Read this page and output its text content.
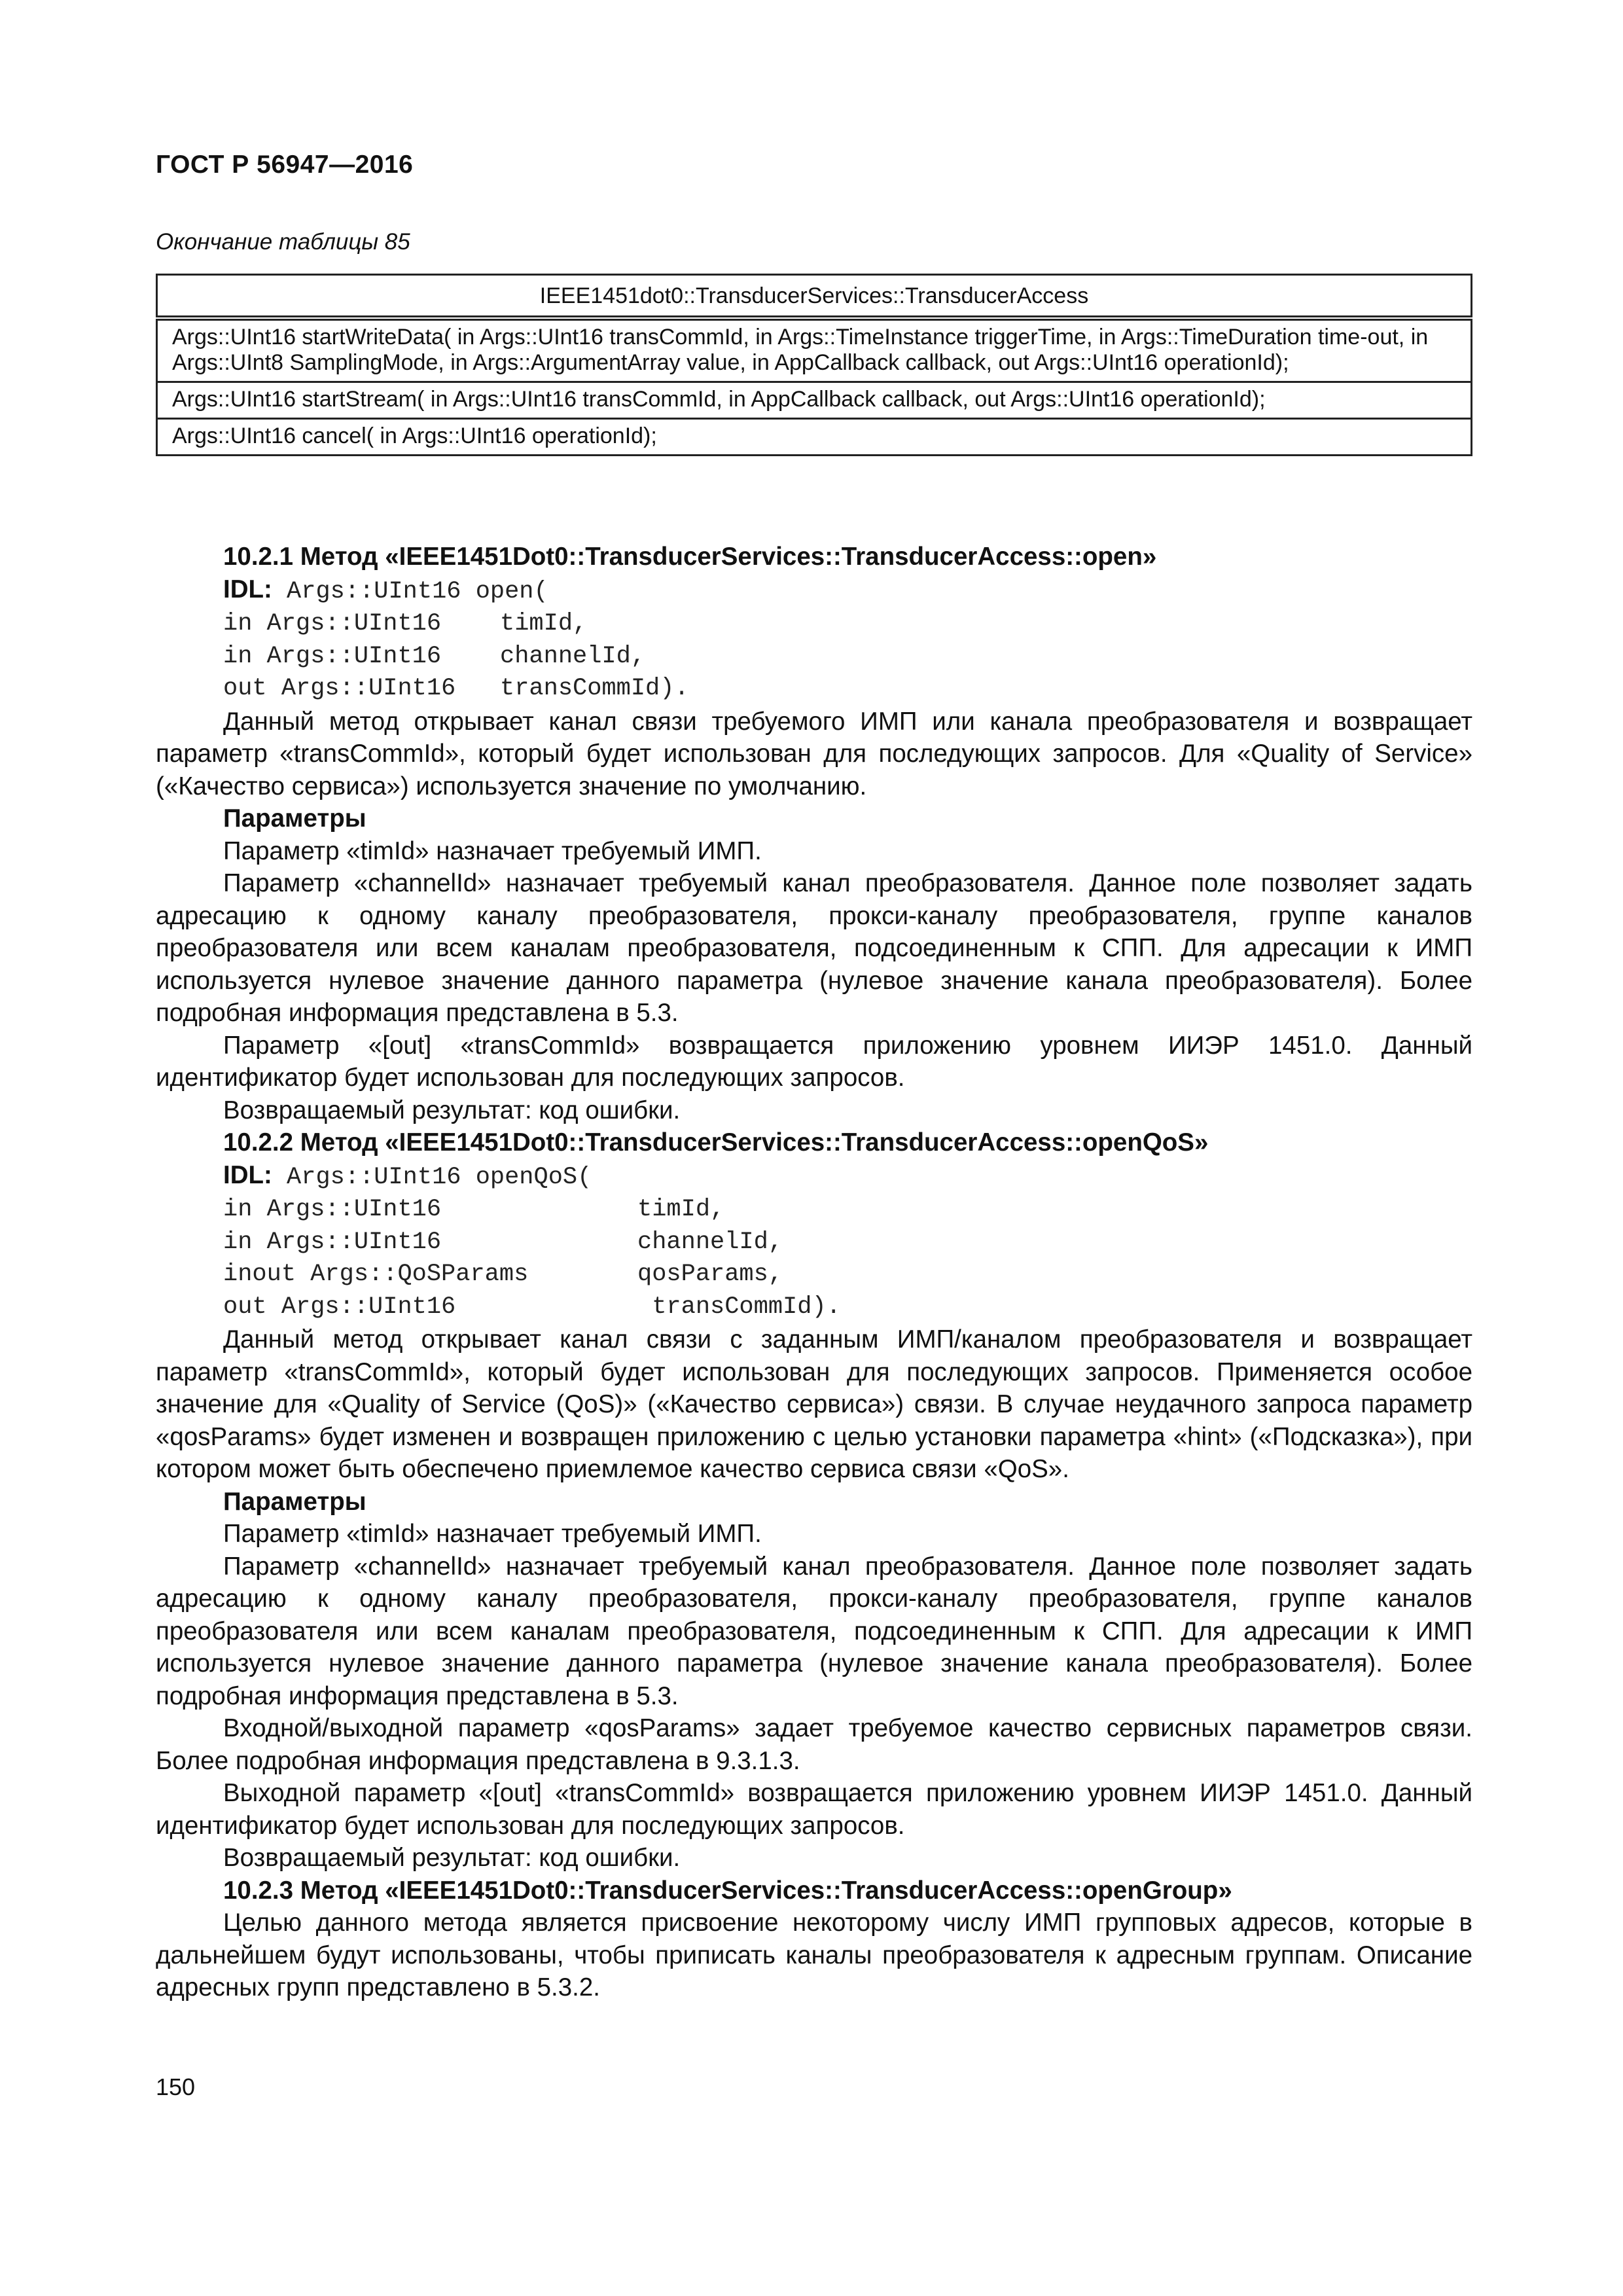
ГОСТ Р 56947—2016
Окончание таблицы 85
IEEE1451dot0::TransducerServices::TransducerAccess
Args::UInt16 startWriteData( in Args::UInt16 transCommId, in Args::TimeInstance triggerTime, in Args::TimeDuration time-out, in Args::UInt8 SamplingMode, in Args::ArgumentArray value, in AppCallback callback, out Args::UInt16 operationId);
Args::UInt16 startStream( in Args::UInt16 transCommId, in AppCallback callback, out Args::UInt16 operationId);
Args::UInt16 cancel( in Args::UInt16 operationId);

10.2.1 Метод «IEEE1451Dot0::TransducerServices::TransducerAccess::open»

IDL: Args::UInt16 open(

in Args::UInt16 timId,

in Args::UInt16 channelId,

out Args::UInt16 transCommId).

Данный метод открывает канал связи требуемого ИМП или канала преобразователя и возвращает параметр «transCommId», который будет использован для последующих запросов. Для «Quality of Service» («Качество сервиса») используется значение по умолчанию.

Параметры

Параметр «timId» назначает требуемый ИМП.

Параметр «channelId» назначает требуемый канал преобразователя. Данное поле позволяет задать адресацию к одному каналу преобразователя, прокси-каналу преобразователя, группе каналов преобразователя или всем каналам преобразователя, подсоединенным к СПП. Для адресации к ИМП используется нулевое значение данного параметра (нулевое значение канала преобразователя). Более подробная информация представлена в 5.3.

Параметр «[out] «transCommId» возвращается приложению уровнем ИИЭР 1451.0. Данный идентификатор будет использован для последующих запросов.

Возвращаемый результат: код ошибки.

10.2.2 Метод «IEEE1451Dot0::TransducerServices::TransducerAccess::openQoS»

IDL: Args::UInt16 openQoS(

in Args::UInt16	timId,

in Args::UInt16	channelId,

inout Args::QoSParams	qosParams,

out Args::UInt16	transCommId).

Данный метод открывает канал связи с заданным ИМП/каналом преобразователя и возвращает параметр «transCommId», который будет использован для последующих запросов. Применяется особое значение для «Quality of Service (QoS)» («Качество сервиса») связи. В случае неудачного запроса параметр «qosParams» будет изменен и возвращен приложению с целью установки параметра «hint» («Подсказка»), при котором может быть обеспечено приемлемое качество сервиса связи «QoS».

Параметры

Параметр «timId» назначает требуемый ИМП.

Параметр «channelId» назначает требуемый канал преобразователя. Данное поле позволяет задать адресацию к одному каналу преобразователя, прокси-каналу преобразователя, группе каналов преобразователя или всем каналам преобразователя, подсоединенным к СПП. Для адресации к ИМП используется нулевое значение данного параметра (нулевое значение канала преобразователя). Более подробная информация представлена в 5.3.

Входной/выходной параметр «qosParams» задает требуемое качество сервисных параметров связи. Более подробная информация представлена в 9.3.1.3.

Выходной параметр «[out] «transCommId» возвращается приложению уровнем ИИЭР 1451.0. Данный идентификатор будет использован для последующих запросов.

Возвращаемый результат: код ошибки.

10.2.3 Метод «IEEE1451Dot0::TransducerServices::TransducerAccess::openGroup»

Целью данного метода является присвоение некоторому числу ИМП групповых адресов, которые в дальнейшем будут использованы, чтобы приписать каналы преобразователя к адресным группам. Описание адресных групп представлено в 5.3.2.

150
